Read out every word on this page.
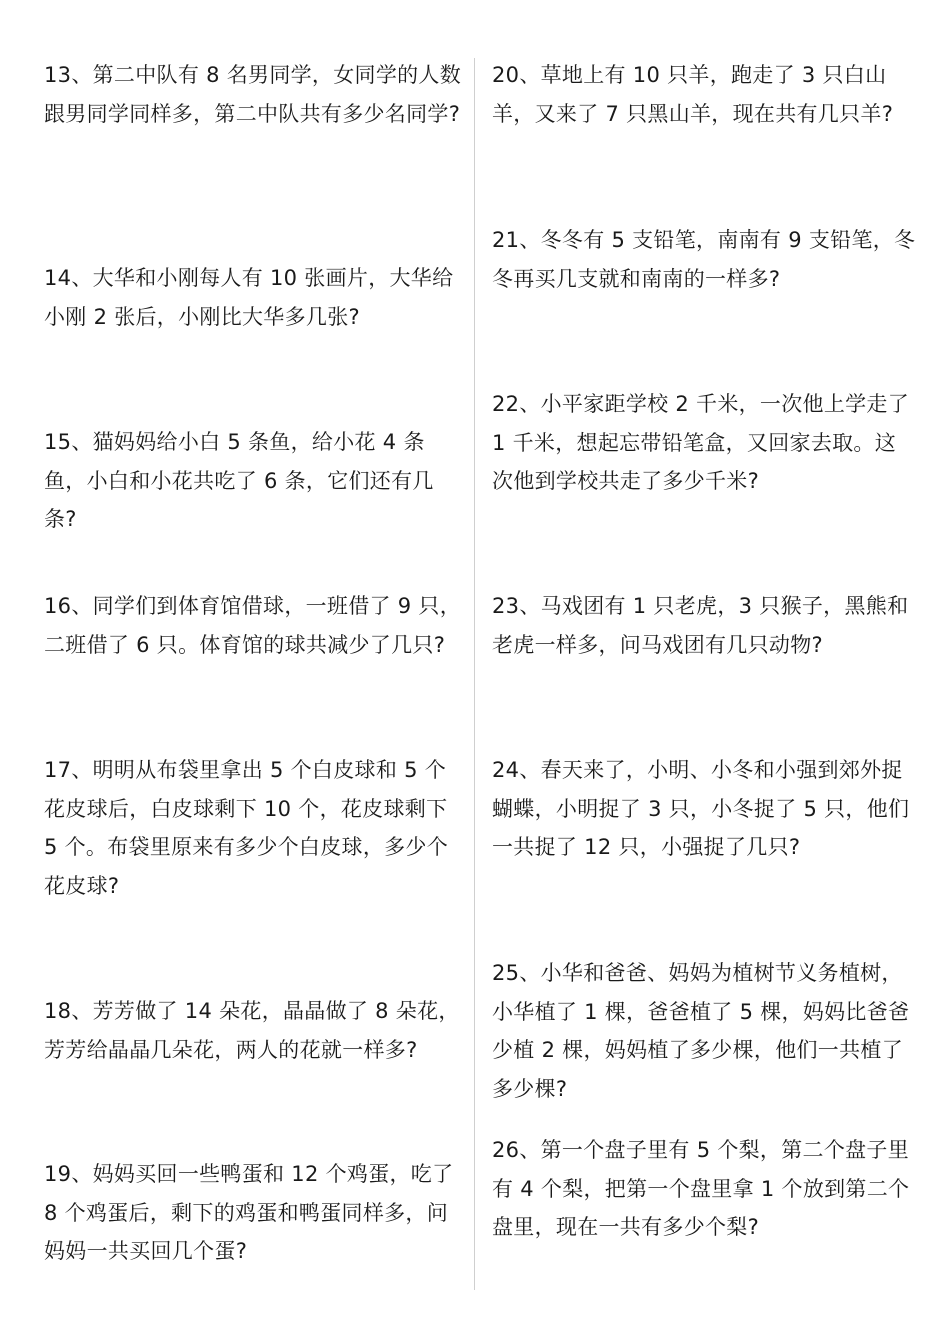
13、第二中队有 8 名男同学，女同学的人数跟男同学同样多，第二中队共有多少名同学?
14、大华和小刚每人有 10 张画片，大华给小刚 2 张后，小刚比大华多几张?
15、猫妈妈给小白 5 条鱼，给小花 4 条鱼，小白和小花共吃了 6 条，它们还有几条?
16、同学们到体育馆借球，一班借了 9 只，二班借了 6 只。体育馆的球共减少了几只?
17、明明从布袋里拿出 5 个白皮球和 5 个花皮球后，白皮球剩下 10 个，花皮球剩下 5 个。布袋里原来有多少个白皮球，多少个花皮球?
18、芳芳做了 14 朵花，晶晶做了 8 朵花，芳芳给晶晶几朵花，两人的花就一样多?
19、妈妈买回一些鸭蛋和 12 个鸡蛋，吃了 8 个鸡蛋后，剩下的鸡蛋和鸭蛋同样多，问妈妈一共买回几个蛋?
20、草地上有 10 只羊，跑走了 3 只白山羊，又来了 7 只黑山羊，现在共有几只羊?
21、冬冬有 5 支铅笔，南南有 9 支铅笔，冬冬再买几支就和南南的一样多?
22、小平家距学校 2 千米，一次他上学走了 1 千米，想起忘带铅笔盒，又回家去取。这次他到学校共走了多少千米?
23、马戏团有 1 只老虎，3 只猴子，黑熊和老虎一样多，问马戏团有几只动物?
24、春天来了，小明、小冬和小强到郊外捉蝴蝶，小明捉了 3 只，小冬捉了 5 只，他们一共捉了 12 只，小强捉了几只?
25、小华和爸爸、妈妈为植树节义务植树，小华植了 1 棵，爸爸植了 5 棵，妈妈比爸爸少植 2 棵，妈妈植了多少棵，他们一共植了多少棵?
26、第一个盘子里有 5 个梨，第二个盘子里有 4 个梨，把第一个盘里拿 1 个放到第二个盘里，现在一共有多少个梨?
